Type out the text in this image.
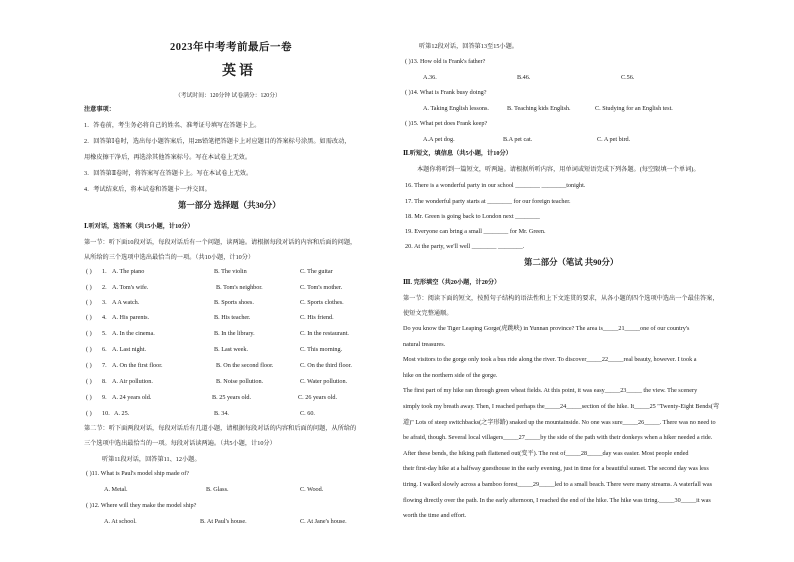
2023年中考考前最后一卷
英语
（考试时间：120分钟 试卷满分：120分）
注意事项：
1．答卷前，考生务必将自己的姓名、准考证号填写在答题卡上。
2．回答第Ⅰ卷时，选出每小题答案后，用2B铅笔把答题卡上对应题目的答案标号涂黑。如需改动，
用橡皮擦干净后，再选涂其他答案标号。写在本试卷上无效。
3．回答第Ⅱ卷时，将答案写在答题卡上。写在本试卷上无效。
4．考试结束后，将本试卷和答题卡一并交回。
第一部分 选择题（共30分）
Ⅰ.听对话，选答案（共15小题，计10分）
第一节：听下面10段对话，每段对话后有一个问题，读两遍。请根据每段对话的内容和后面的问题，
从所给的三个选项中选出最恰当的一项。（共10小题，计10分）
( ) 1. A. The piano	B. The violin	C. The guitar
( ) 2. A. Tom's wife.	B. Tom's neighbor.	C. Tom's mother.
( ) 3. A A watch.	B. Sports shoes.	C. Sports clothes.
( ) 4. A. His parents.	B. His teacher.	C. His friend.
( ) 5. A. In the cinema.	B. In the library.	C. In the restaurant.
( ) 6. A. Last night.	B. Last week.	C. This morning.
( ) 7. A. On the first floor.	B. On the second floor.	C. On the third floor.
( ) 8. A. Air pollution.	B. Noise pollution.	C. Water pollution.
( ) 9. A. 24 years old.	B. 25 years old.	C. 26 years old.
( ) 10. A. 25.	B. 34.	C. 60.
第二节：听下面两段对话，每段对话后有几道小题，请根据每段对话的内容和后面的问题，从所给的
三个选项中选出最恰当的一项。每段对话读两遍。（共5小题，计10分）
听第11段对话，回答第11、12小题。
( )11. What is Paul's model ship made of?
A. Metal.	B. Glass.	C. Wood.
( )12. Where will they make the model ship?
A. At school.	B. At Paul's house.	C. At Jane's house.
听第12段对话，回答第13至15小题。
( )13. How old is Frank's father?
A.36.	B.46.	C.56.
( )14. What is Frank busy doing?
A. Taking English lessons.	B. Teaching kids English.	C. Studying for an English test.
( )15. What pet does Frank keep?
A.A pet dog.	B.A pet cat.	C. A pet bird.
Ⅱ.听短文，填信息（共5小题，计10分）
本题你将听到一篇短文，听两遍。请根据所听内容，用单词或短语完成下列各题。(每空限填一个单词)。
16. There is a wonderful party in our school ________ ________tonight.
17. The wonderful party starts at ________ for our foreign teacher.
18. Mr. Green is going back to London next ________
19. Everyone can bring a small ________ for Mr. Green.
20. At the party, we'll well ________ ________.
第二部分（笔试 共90分）
Ⅲ. 完形填空（共20小题，计20分）
第一节：阅读下面的短文，按照句子结构的语法性和上下文连贯的要求，从各小题的四个选项中选出一个最佳答案，
使短文完整通顺。
Do you know the Tiger Leaping Gorge(虎跳峡) in Yunnan province? The area is_____21_____one of our country's
natural treasures.
Most visitors to the gorge only took a bus ride along the river. To discover_____22_____real beauty, however. I took a
hike on the northern side of the gorge.
The first part of my hike ran through green wheat fields. At this point, it was easy_____23_____ the view. The scenery
simply took my breath away. Then, I reached perhaps the_____24_____section of the hike. It_____25 "Twenty-Eight Bends(弯
道)" Lots of steep switchbacks(之字形路) snaked up the mountainside. No one was sure_____26_____. There was no need to
be afraid, though. Several local villagers_____27_____by the side of the path with their donkeys when a hiker needed a ride.
After these bends, the hiking path flattened out(变平). The rest of_____28_____day was easier. Most people ended
their first-day hike at a halfway guesthouse in the early evening, just in time for a beautiful sunset. The second day was less
tiring. I walked slowly across a bamboo forest_____29_____led to a small beach. There were many streams. A waterfall was
flowing directly over the path. In the early afternoon, I reached the end of the hike. The hike was tiring._____30_____it was
worth the time and effort.
